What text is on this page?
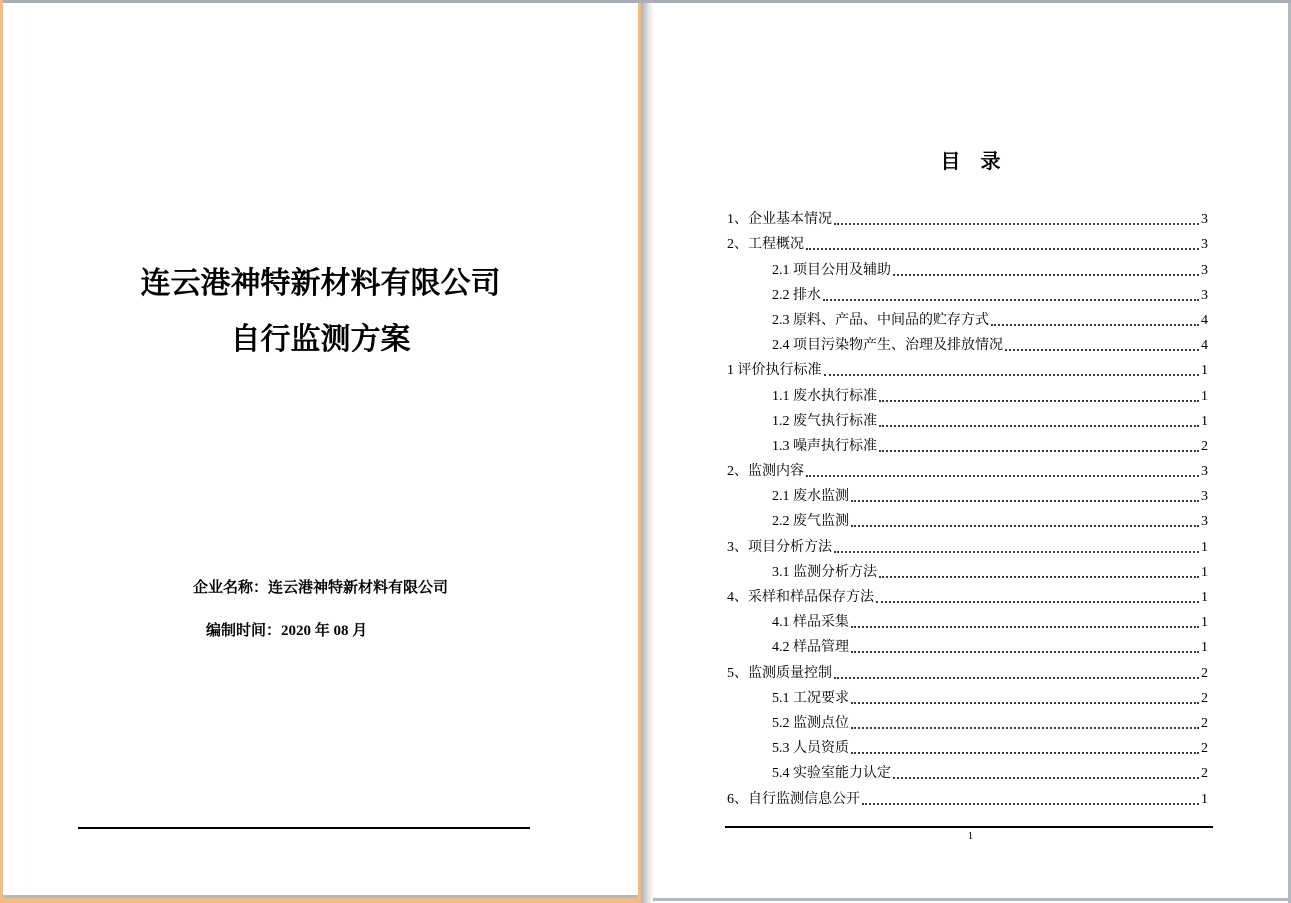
连云港神特新材料有限公司
自行监测方案
企业名称：连云港神特新材料有限公司
编制时间：2020 年 08 月
目　录
1、企业基本情况	3
2、工程概况	3
2.1 项目公用及辅助	3
2.2 排水	3
2.3 原料、产品、中间品的贮存方式	4
2.4 项目污染物产生、治理及排放情况	4
1 评价执行标准	1
1.1 废水执行标准	1
1.2 废气执行标准	1
1.3 噪声执行标准	2
2、监测内容	3
2.1 废水监测	3
2.2 废气监测	3
3、项目分析方法	1
3.1 监测分析方法	1
4、采样和样品保存方法	1
4.1 样品采集	1
4.2 样品管理	1
5、监测质量控制	2
5.1 工况要求	2
5.2 监测点位	2
5.3 人员资质	2
5.4 实验室能力认定	2
6、自行监测信息公开	1
1
